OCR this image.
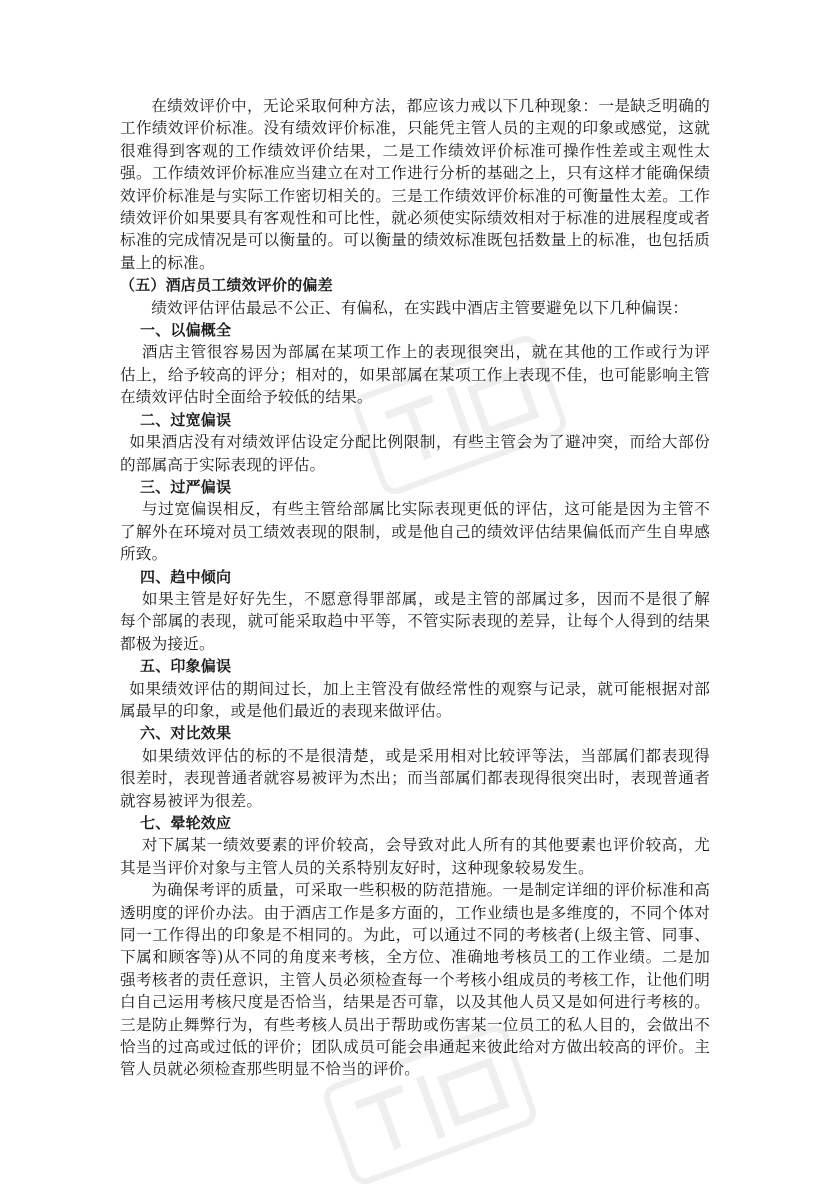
在绩效评价中，无论采取何种方法，都应该力戒以下几种现象：一是缺乏明确的工作绩效评价标准。没有绩效评价标准，只能凭主管人员的主观的印象或感觉，这就很难得到客观的工作绩效评价结果，二是工作绩效评价标准可操作性差或主观性太强。工作绩效评价标准应当建立在对工作进行分析的基础之上，只有这样才能确保绩效评价标准是与实际工作密切相关的。三是工作绩效评价标准的可衡量性太差。工作绩效评价如果要具有客观性和可比性，就必须使实际绩效相对于标准的进展程度或者标准的完成情况是可以衡量的。可以衡量的绩效标准既包括数量上的标准，也包括质量上的标准。

（五）酒店员工绩效评价的偏差

绩效评估评估最忌不公正、有偏私，在实践中酒店主管要避免以下几种偏误：

一、以偏概全

酒店主管很容易因为部属在某项工作上的表现很突出，就在其他的工作或行为评估上，给予较高的评分；相对的，如果部属在某项工作上表现不佳，也可能影响主管在绩效评估时全面给予较低的结果。

二、过宽偏误

如果酒店没有对绩效评估设定分配比例限制，有些主管会为了避冲突，而给大部份的部属高于实际表现的评估。

三、过严偏误

与过宽偏误相反，有些主管给部属比实际表现更低的评估，这可能是因为主管不了解外在环境对员工绩效表现的限制，或是他自己的绩效评估结果偏低而产生自卑感所致。

四、趋中倾向

如果主管是好好先生，不愿意得罪部属，或是主管的部属过多，因而不是很了解每个部属的表现，就可能采取趋中平等，不管实际表现的差异，让每个人得到的结果都极为接近。

五、印象偏误

如果绩效评估的期间过长，加上主管没有做经常性的观察与记录，就可能根据对部属最早的印象，或是他们最近的表现来做评估。

六、对比效果

如果绩效评估的标的不是很清楚，或是采用相对比较评等法，当部属们都表现得很差时，表现普通者就容易被评为杰出；而当部属们都表现得很突出时，表现普通者就容易被评为很差。

七、晕轮效应

对下属某一绩效要素的评价较高，会导致对此人所有的其他要素也评价较高，尤其是当评价对象与主管人员的关系特别友好时，这种现象较易发生。

为确保考评的质量，可采取一些积极的防范措施。一是制定详细的评价标准和高透明度的评价办法。由于酒店工作是多方面的，工作业绩也是多维度的，不同个体对同一工作得出的印象是不相同的。为此，可以通过不同的考核者(上级主管、同事、下属和顾客等)从不同的角度来考核，全方位、准确地考核员工的工作业绩。二是加强考核者的责任意识，主管人员必须检查每一个考核小组成员的考核工作，让他们明白自己运用考核尺度是否恰当，结果是否可靠，以及其他人员又是如何进行考核的。三是防止舞弊行为，有些考核人员出于帮助或伤害某一位员工的私人目的，会做出不恰当的过高或过低的评价；团队成员可能会串通起来彼此给对方做出较高的评价。主管人员就必须检查那些明显不恰当的评价。
